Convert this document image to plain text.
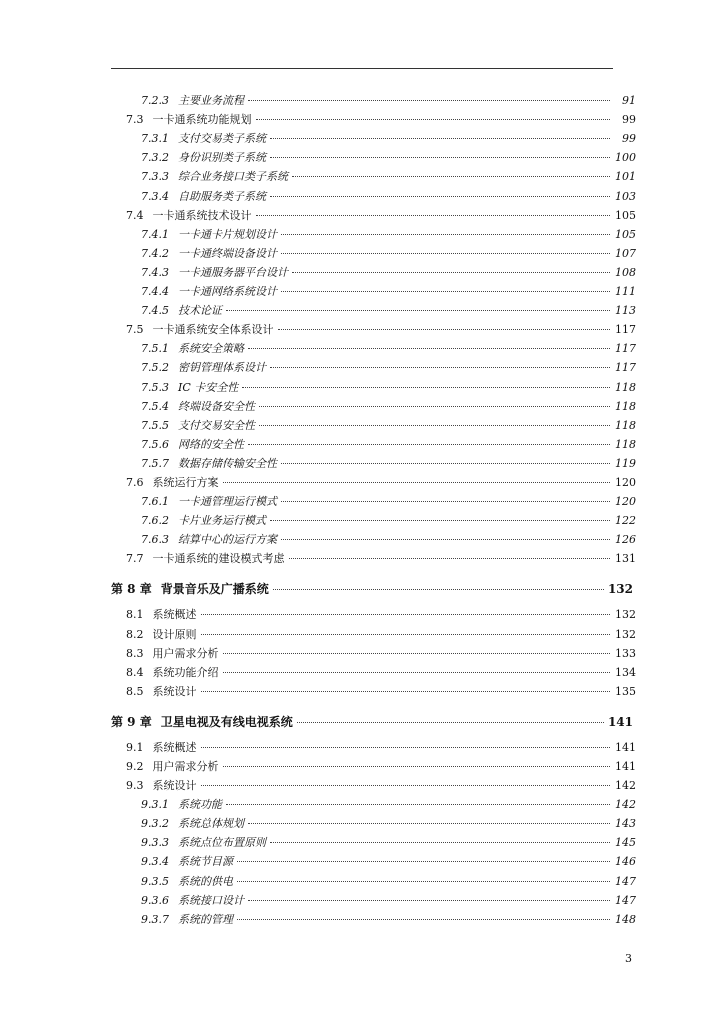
7.2.3 主要业务流程	91
7.3 一卡通系统功能规划	99
7.3.1 支付交易类子系统	99
7.3.2 身份识别类子系统	100
7.3.3 综合业务接口类子系统	101
7.3.4 自助服务类子系统	103
7.4 一卡通系统技术设计	105
7.4.1 一卡通卡片规划设计	105
7.4.2 一卡通终端设备设计	107
7.4.3 一卡通服务器平台设计	108
7.4.4 一卡通网络系统设计	111
7.4.5 技术论证	113
7.5 一卡通系统安全体系设计	117
7.5.1 系统安全策略	117
7.5.2 密钥管理体系设计	117
7.5.3 IC 卡安全性	118
7.5.4 终端设备安全性	118
7.5.5 支付交易安全性	118
7.5.6 网络的安全性	118
7.5.7 数据存储传输安全性	119
7.6 系统运行方案	120
7.6.1 一卡通管理运行模式	120
7.6.2 卡片业务运行模式	122
7.6.3 结算中心的运行方案	126
7.7 一卡通系统的建设模式考虑	131
第 8 章 背景音乐及广播系统	132
8.1 系统概述	132
8.2 设计原则	132
8.3 用户需求分析	133
8.4 系统功能介绍	134
8.5 系统设计	135
第 9 章 卫星电视及有线电视系统	141
9.1 系统概述	141
9.2 用户需求分析	141
9.3 系统设计	142
9.3.1 系统功能	142
9.3.2 系统总体规划	143
9.3.3 系统点位布置原则	145
9.3.4 系统节目源	146
9.3.5 系统的供电	147
9.3.6 系统接口设计	147
9.3.7 系统的管理	148
3
